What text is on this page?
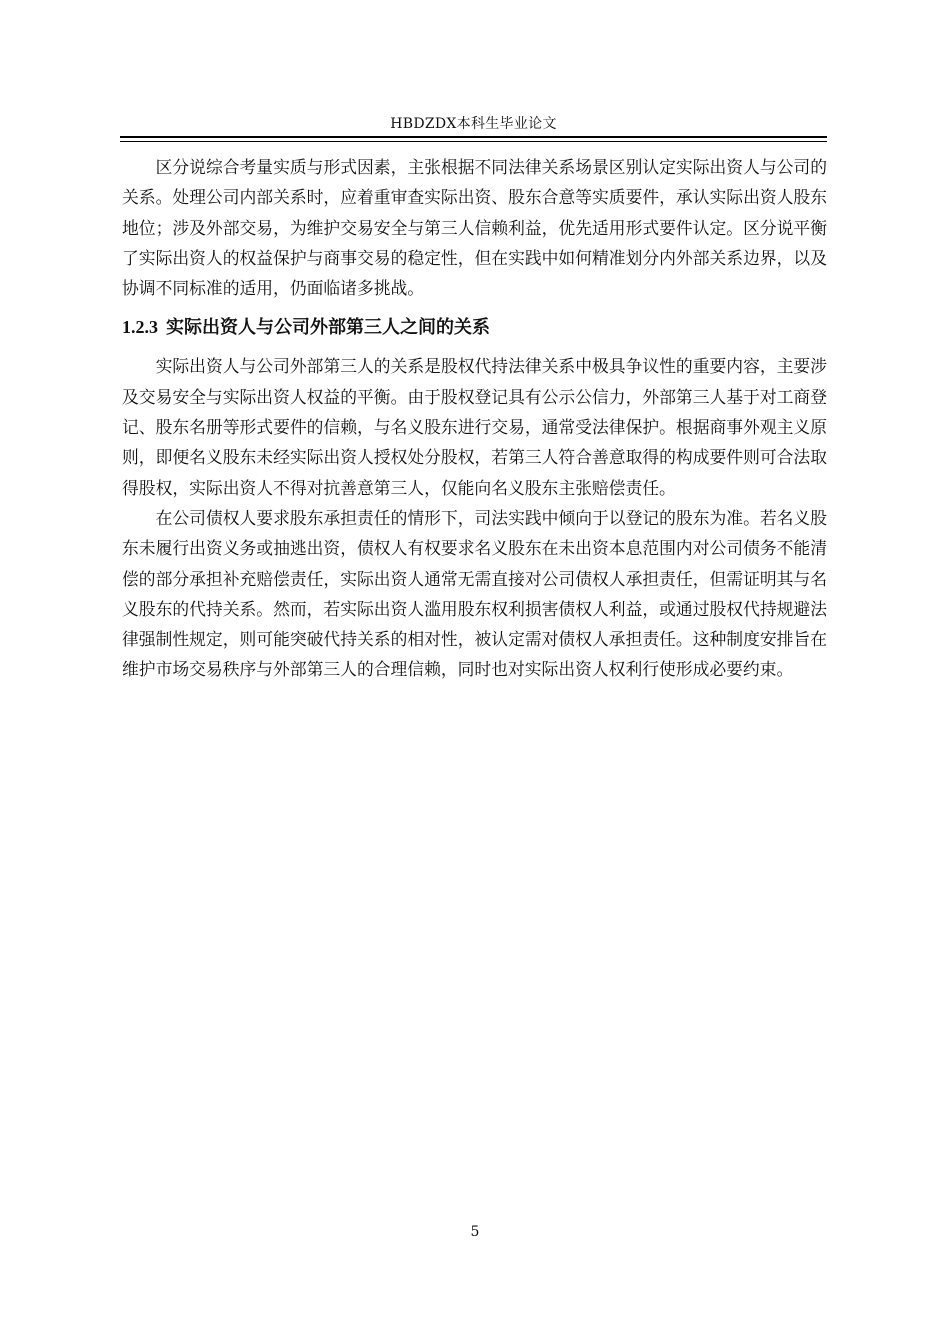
HBDZDX本科生毕业论文

区分说综合考量实质与形式因素，主张根据不同法律关系场景区别认定实际出资人与公司的关系。处理公司内部关系时，应着重审查实际出资、股东合意等实质要件，承认实际出资人股东地位；涉及外部交易，为维护交易安全与第三人信赖利益，优先适用形式要件认定。区分说平衡了实际出资人的权益保护与商事交易的稳定性，但在实践中如何精准划分内外部关系边界，以及协调不同标准的适用，仍面临诸多挑战。

1.2.3 实际出资人与公司外部第三人之间的关系

实际出资人与公司外部第三人的关系是股权代持法律关系中极具争议性的重要内容，主要涉及交易安全与实际出资人权益的平衡。由于股权登记具有公示公信力，外部第三人基于对工商登记、股东名册等形式要件的信赖，与名义股东进行交易，通常受法律保护。根据商事外观主义原则，即便名义股东未经实际出资人授权处分股权，若第三人符合善意取得的构成要件则可合法取得股权，实际出资人不得对抗善意第三人，仅能向名义股东主张赔偿责任。

在公司债权人要求股东承担责任的情形下，司法实践中倾向于以登记的股东为准。若名义股东未履行出资义务或抽逃出资，债权人有权要求名义股东在未出资本息范围内对公司债务不能清偿的部分承担补充赔偿责任，实际出资人通常无需直接对公司债权人承担责任，但需证明其与名义股东的代持关系。然而，若实际出资人滥用股东权利损害债权人利益，或通过股权代持规避法律强制性规定，则可能突破代持关系的相对性，被认定需对债权人承担责任。这种制度安排旨在维护市场交易秩序与外部第三人的合理信赖，同时也对实际出资人权利行使形成必要约束。

5
